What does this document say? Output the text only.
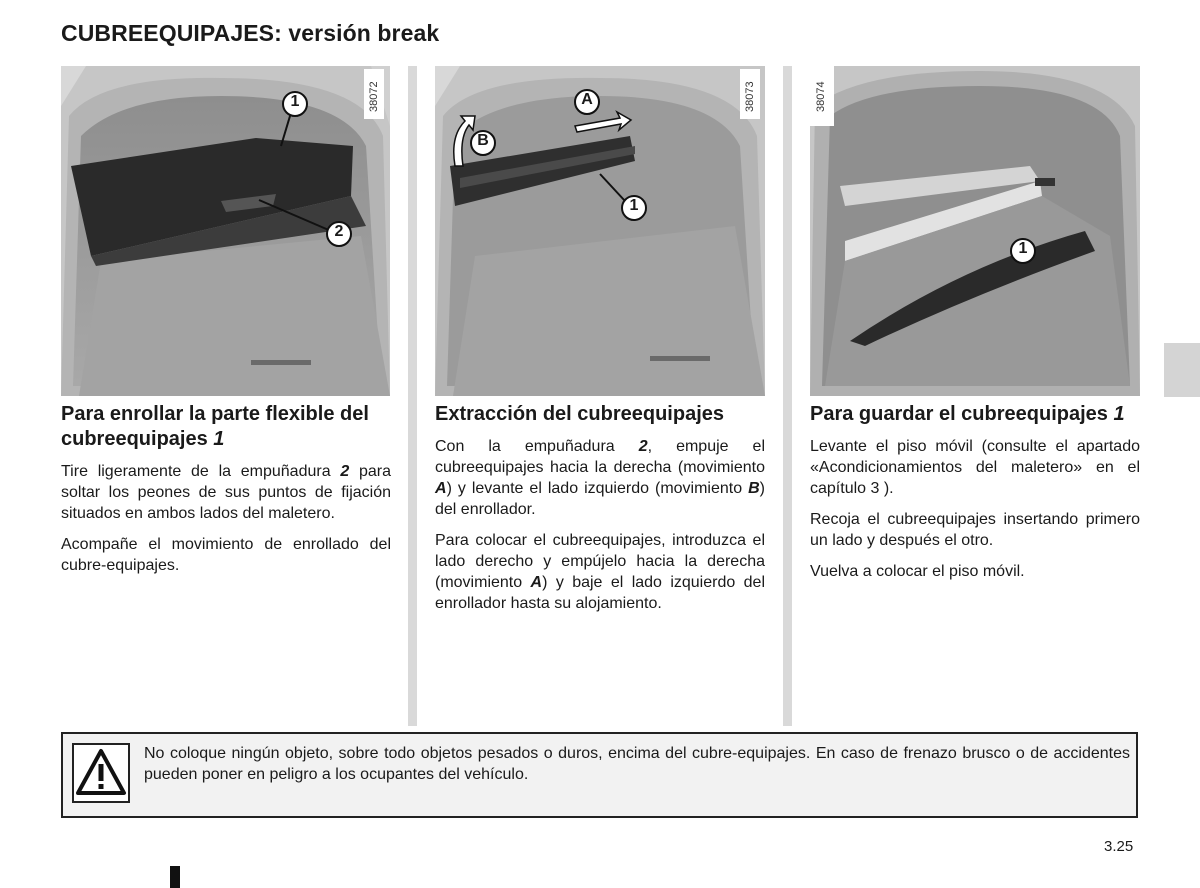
CUBREEQUIPAJES: versión break
1
2
38072	A
B
1
38073
1
38074
Para enrollar la parte flexible del cubreequipajes 1

Tire ligeramente de la empuñadura 2 para soltar los peones de sus puntos de fijación situados en ambos lados del maletero.

Acompañe el movimiento de enrollado del cubre-equipajes.

Extracción del cubreequipajes

Con la empuñadura 2, empuje el cubreequipajes hacia la derecha (movimiento A) y levante el lado izquierdo (movimiento B) del enrollador.

Para colocar el cubreequipajes, introduzca el lado derecho y empújelo hacia la derecha (movimiento A) y baje el lado izquierdo del enrollador hasta su alojamiento.

Para guardar el cubreequipajes 1

Levante el piso móvil (consulte el apartado «Acondicionamientos del maletero» en el capítulo 3 ).

Recoja el cubreequipajes insertando primero un lado y después el otro.

Vuelva a colocar el piso móvil.

No coloque ningún objeto, sobre todo objetos pesados o duros, encima del cubre-equipajes. En caso de frenazo brusco o de accidentes pueden poner en peligro a los ocupantes del vehículo.
3.25
